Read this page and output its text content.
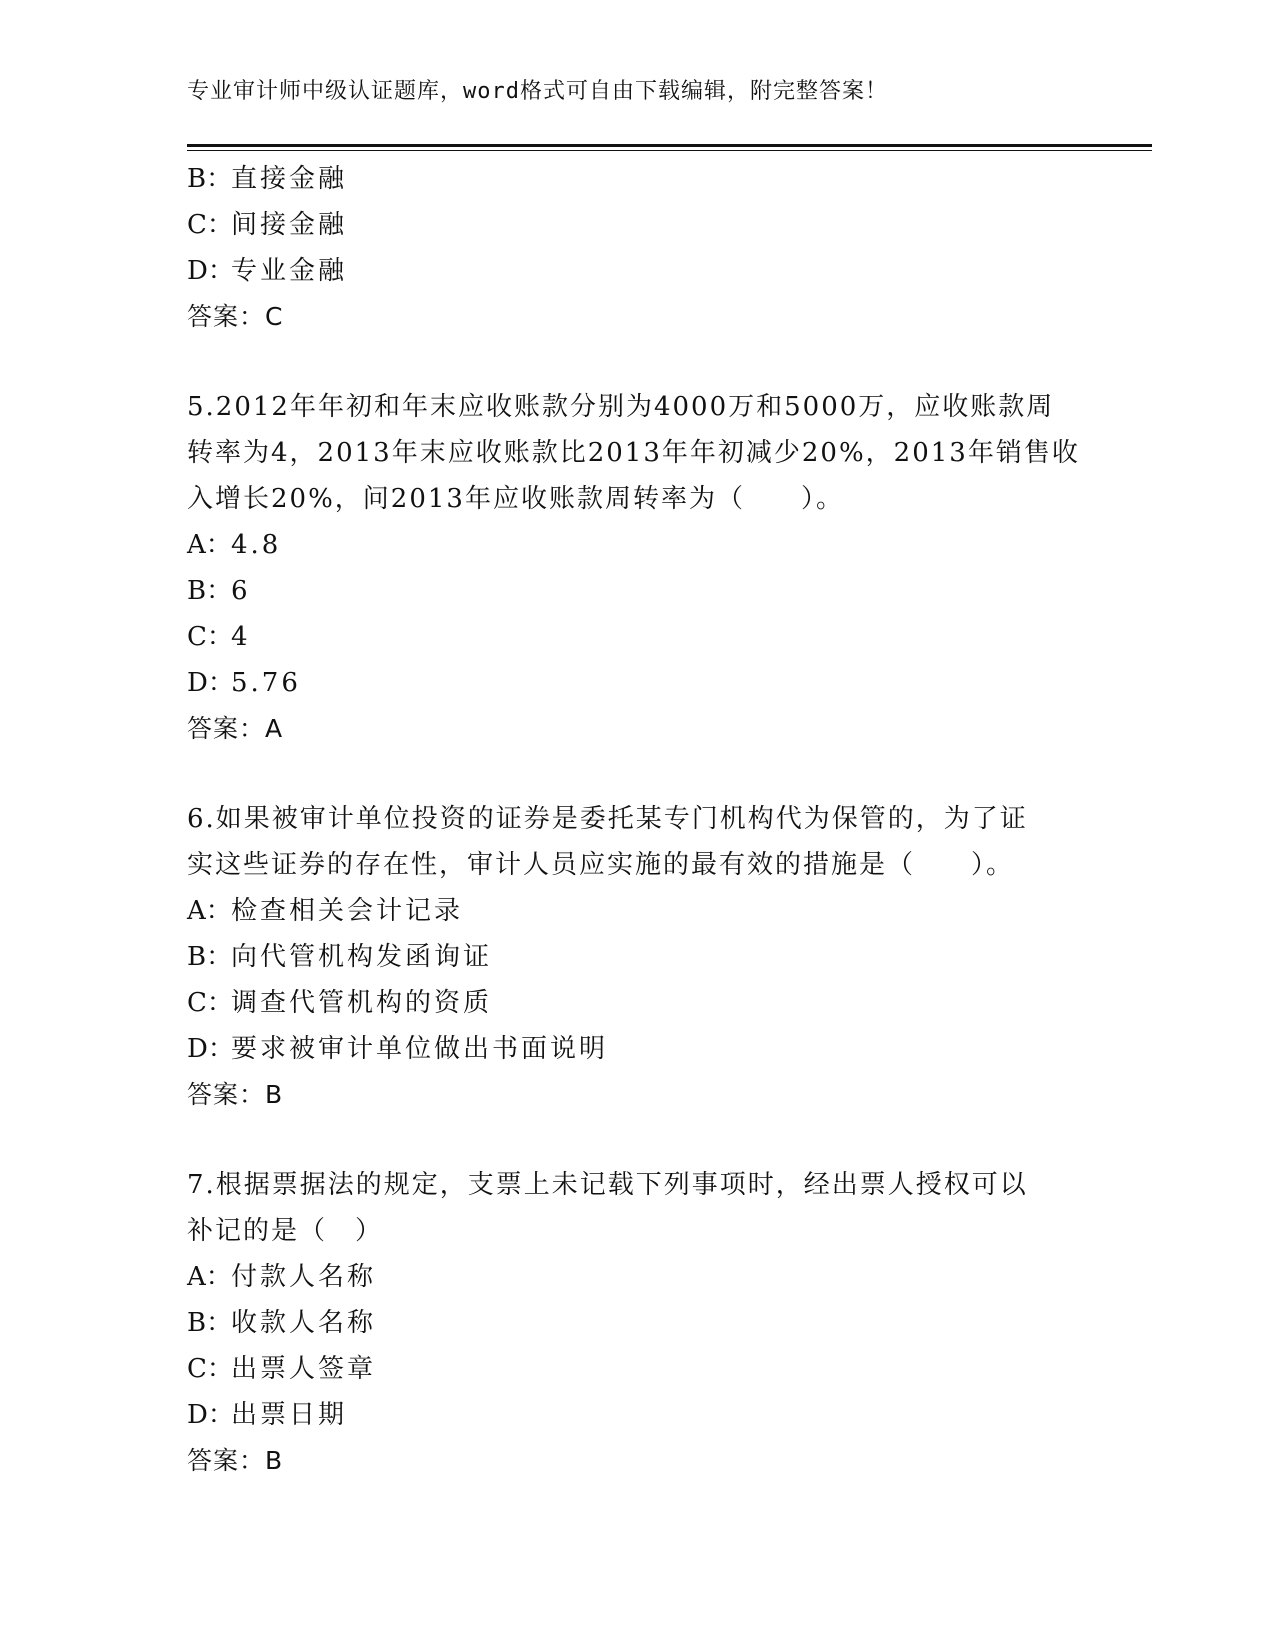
专业审计师中级认证题库，word格式可自由下载编辑，附完整答案！
B：直接金融
C：间接金融
D：专业金融
答案：C
5.2012年年初和年末应收账款分别为4000万和5000万，应收账款周
转率为4，2013年末应收账款比2013年年初减少20%，2013年销售收
入增长20%，问2013年应收账款周转率为（　　）。
A：4.8
B：6
C：4
D：5.76
答案：A
6.如果被审计单位投资的证券是委托某专门机构代为保管的，为了证
实这些证券的存在性，审计人员应实施的最有效的措施是（　　）。
A：检查相关会计记录
B：向代管机构发函询证
C：调查代管机构的资质
D：要求被审计单位做出书面说明
答案：B
7.根据票据法的规定，支票上未记载下列事项时，经出票人授权可以
补记的是（　）
A：付款人名称
B：收款人名称
C：出票人签章
D：出票日期
答案：B
